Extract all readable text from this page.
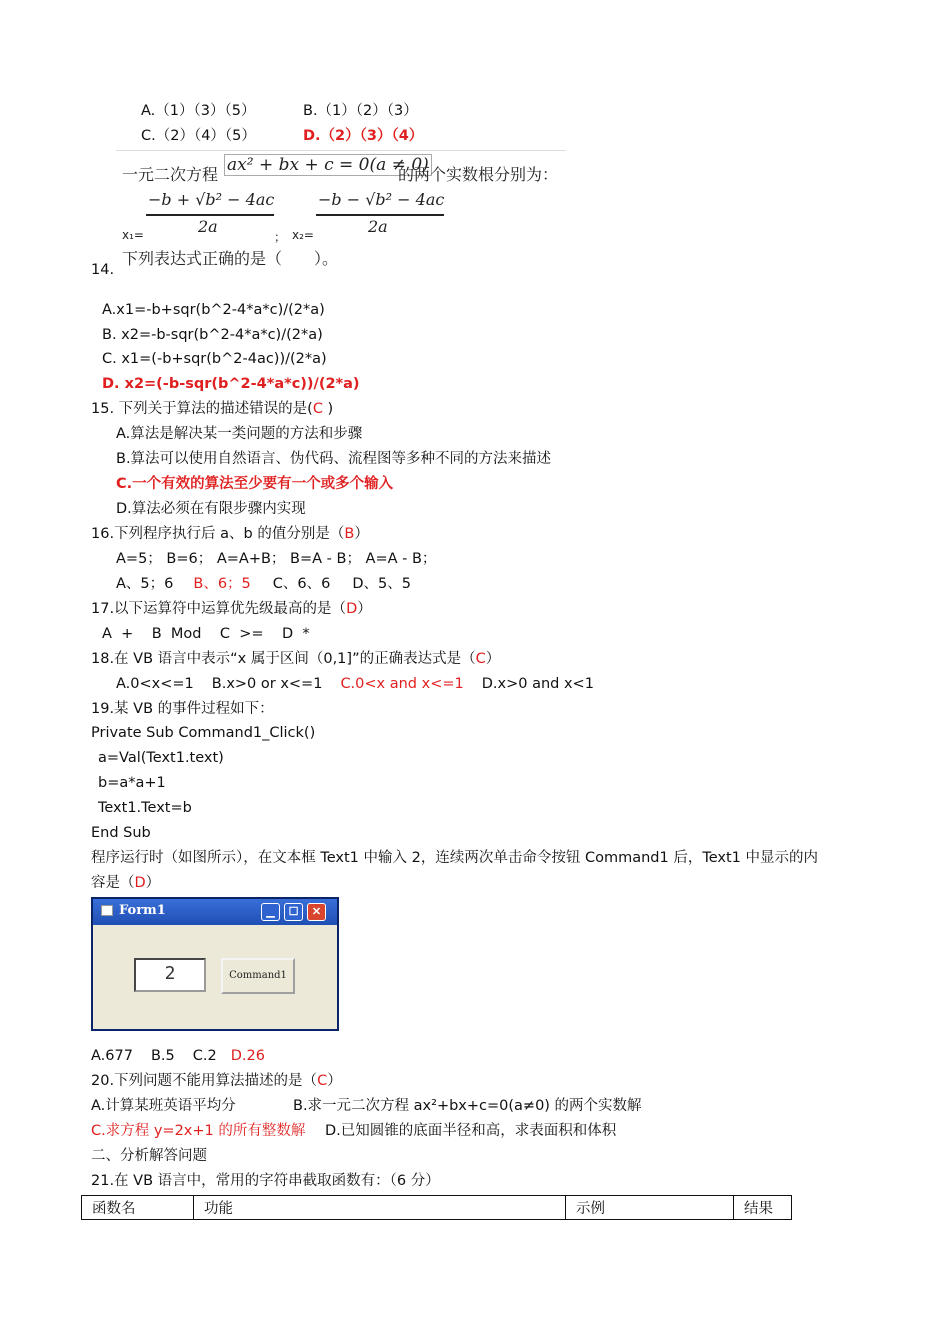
A.（1）（3）（5）	B.（1）（2）（3）
C.（2）（4）（5）	D.（2）（3）（4）
一元二次方程 ax² + bx + c = 0(a ≠ 0)
的两个实数根分别为：
−b + √b² − 4ac
2a
−b − √b² − 4ac
2a
x₁=	； x₂=
下列表达式正确的是（　　）。
14.
A.x1=-b+sqr(b^2-4*a*c)/(2*a)
B. x2=-b-sqr(b^2-4*a*c)/(2*a)
C. x1=(-b+sqr(b^2-4ac))/(2*a)
D. x2=(-b-sqr(b^2-4*a*c))/(2*a)
15. 下列关于算法的描述错误的是(C )
A.算法是解决某一类问题的方法和步骤
B.算法可以使用自然语言、伪代码、流程图等多种不同的方法来描述
C.一个有效的算法至少要有一个或多个输入
D.算法必须在有限步骤内实现
16.下列程序执行后 a、b 的值分别是（B）
A=5； B=6； A=A+B； B=A - B； A=A - B；
A、5；6 B、6；5 C、6、6 D、5、5
17.以下运算符中运算优先级最高的是（D）
A  +    B  Mod    C  >=    D  *
18.在 VB 语言中表示“x 属于区间（0,1]”的正确表达式是（C）
A.0<x<=1 B.x>0 or x<=1 C.0<x and x<=1 D.x>0 and x<1
19.某 VB 的事件过程如下：
Private Sub Command1_Click()
a=Val(Text1.text)
b=a*a+1
Text1.Text=b
End Sub
程序运行时（如图所示），在文本框 Text1 中输入 2，连续两次单击命令按钮 Command1 后，Text1 中显示的内
容是（D）
Form1	▁	☐	✕
2	Command1
A.677 B.5 C.2 D.26
20.下列问题不能用算法描述的是（C）
A.计算某班英语平均分	B.求一元二次方程 ax²+bx+c=0(a≠0) 的两个实数解
C.求方程 y=2x+1 的所有整数解 D.已知圆锥的底面半径和高，求表面积和体积
二、分析解答问题
21.在 VB 语言中，常用的字符串截取函数有：（6 分）
函数名	功能	示例	结果
